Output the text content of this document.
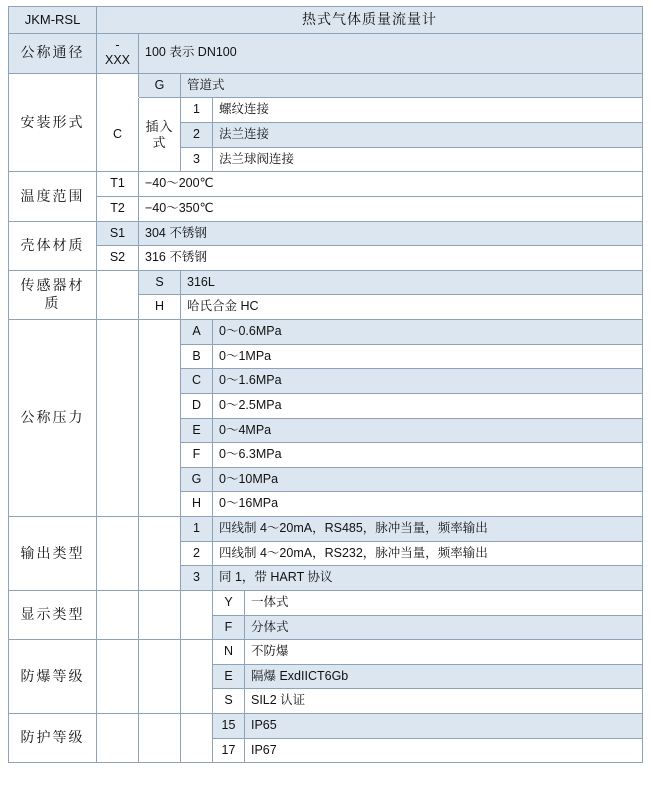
JKM-RSL	热式气体质量流量计				
公称通径	-XXX	100 表示 DN100			
安装形式		G	管道式		
	C	插入式	1	螺纹连接	
			2	法兰连接	
			3	法兰球阀连接	
温度范围	T1	−40～200℃			
	T2	−40～350℃			
壳体材质	S1	304 不锈钢			
	S2	316 不锈钢			
传感器材质		S	316L		
		H	哈氏合金 HC		
公称压力			A	0～0.6MPa	
			B	0～1MPa	
			C	0～1.6MPa	
			D	0～2.5MPa	
			E	0～4MPa	
			F	0～6.3MPa	
			G	0～10MPa	
			H	0～16MPa	
输出类型			1	四线制 4～20mA，RS485，脉冲当量，频率输出	
			2	四线制 4～20mA，RS232，脉冲当量，频率输出	
			3	同 1，带 HART 协议	
显示类型				Y	一体式
				F	分体式
防爆等级				N	不防爆
				E	隔爆 ExdIICT6Gb
				S	SIL2 认证
防护等级				15	IP65
				17	IP67
